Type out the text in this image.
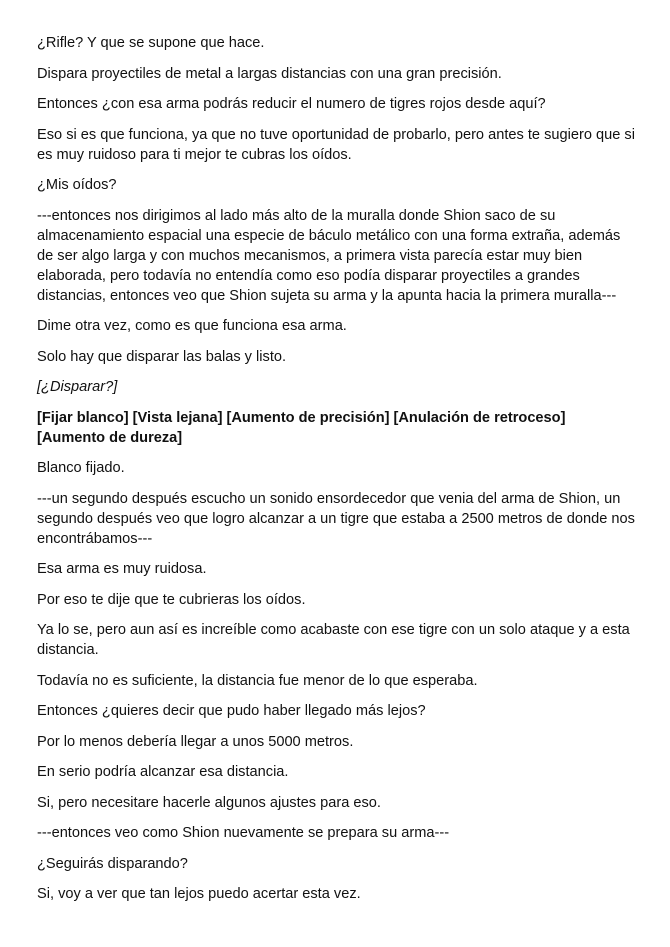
¿Rifle? Y que se supone que hace.

Dispara proyectiles de metal a largas distancias con una gran precisión.

Entonces ¿con esa arma podrás reducir el numero de tigres rojos desde aquí?

Eso si es que funciona, ya que no tuve oportunidad de probarlo, pero antes te sugiero que si es muy ruidoso para ti mejor te cubras los oídos.

¿Mis oídos?

---entonces nos dirigimos al lado más alto de la muralla donde Shion saco de su almacenamiento espacial una especie de báculo metálico con una forma extraña, además de ser algo larga y con muchos mecanismos, a primera vista parecía estar muy bien elaborada, pero todavía no entendía como eso podía disparar proyectiles a grandes distancias, entonces veo que Shion sujeta su arma y la apunta hacia la primera muralla---

Dime otra vez, como es que funciona esa arma.

Solo hay que disparar las balas y listo.

[¿Disparar?]

[Fijar blanco] [Vista lejana] [Aumento de precisión] [Anulación de retroceso] [Aumento de dureza]

Blanco fijado.

---un segundo después escucho un sonido ensordecedor que venia del arma de Shion, un segundo después veo que logro alcanzar a un tigre que estaba a 2500 metros de donde nos encontrábamos---

Esa arma es muy ruidosa.

Por eso te dije que te cubrieras los oídos.

Ya lo se, pero aun así es increíble como acabaste con ese tigre con un solo ataque y a esta distancia.

Todavía no es suficiente, la distancia fue menor de lo que esperaba.

Entonces ¿quieres decir que pudo haber llegado más lejos?

Por lo menos debería llegar a unos 5000 metros.

En serio podría alcanzar esa distancia.

Si, pero necesitare hacerle algunos ajustes para eso.

---entonces veo como Shion nuevamente se prepara su arma---

¿Seguirás disparando?

Si, voy a ver que tan lejos puedo acertar esta vez.
